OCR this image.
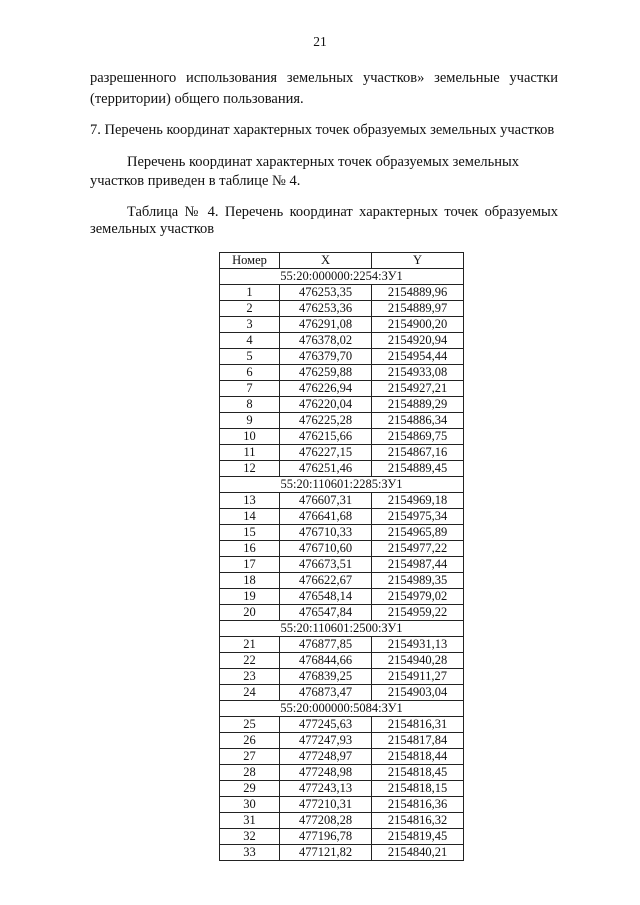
21
разрешенного использования земельных участков» земельные участки
(территории) общего пользования.
7. Перечень координат характерных точек образуемых земельных участков
Перечень координат характерных точек образуемых земельных
участков приведен в таблице № 4.
Таблица № 4. Перечень координат характерных точек образуемых
земельных участков
Номер	X	Y
55:20:000000:2254:ЗУ1		
1	476253,35	2154889,96
2	476253,36	2154889,97
3	476291,08	2154900,20
4	476378,02	2154920,94
5	476379,70	2154954,44
6	476259,88	2154933,08
7	476226,94	2154927,21
8	476220,04	2154889,29
9	476225,28	2154886,34
10	476215,66	2154869,75
11	476227,15	2154867,16
12	476251,46	2154889,45
55:20:110601:2285:ЗУ1		
13	476607,31	2154969,18
14	476641,68	2154975,34
15	476710,33	2154965,89
16	476710,60	2154977,22
17	476673,51	2154987,44
18	476622,67	2154989,35
19	476548,14	2154979,02
20	476547,84	2154959,22
55:20:110601:2500:ЗУ1		
21	476877,85	2154931,13
22	476844,66	2154940,28
23	476839,25	2154911,27
24	476873,47	2154903,04
55:20:000000:5084:ЗУ1		
25	477245,63	2154816,31
26	477247,93	2154817,84
27	477248,97	2154818,44
28	477248,98	2154818,45
29	477243,13	2154818,15
30	477210,31	2154816,36
31	477208,28	2154816,32
32	477196,78	2154819,45
33	477121,82	2154840,21
